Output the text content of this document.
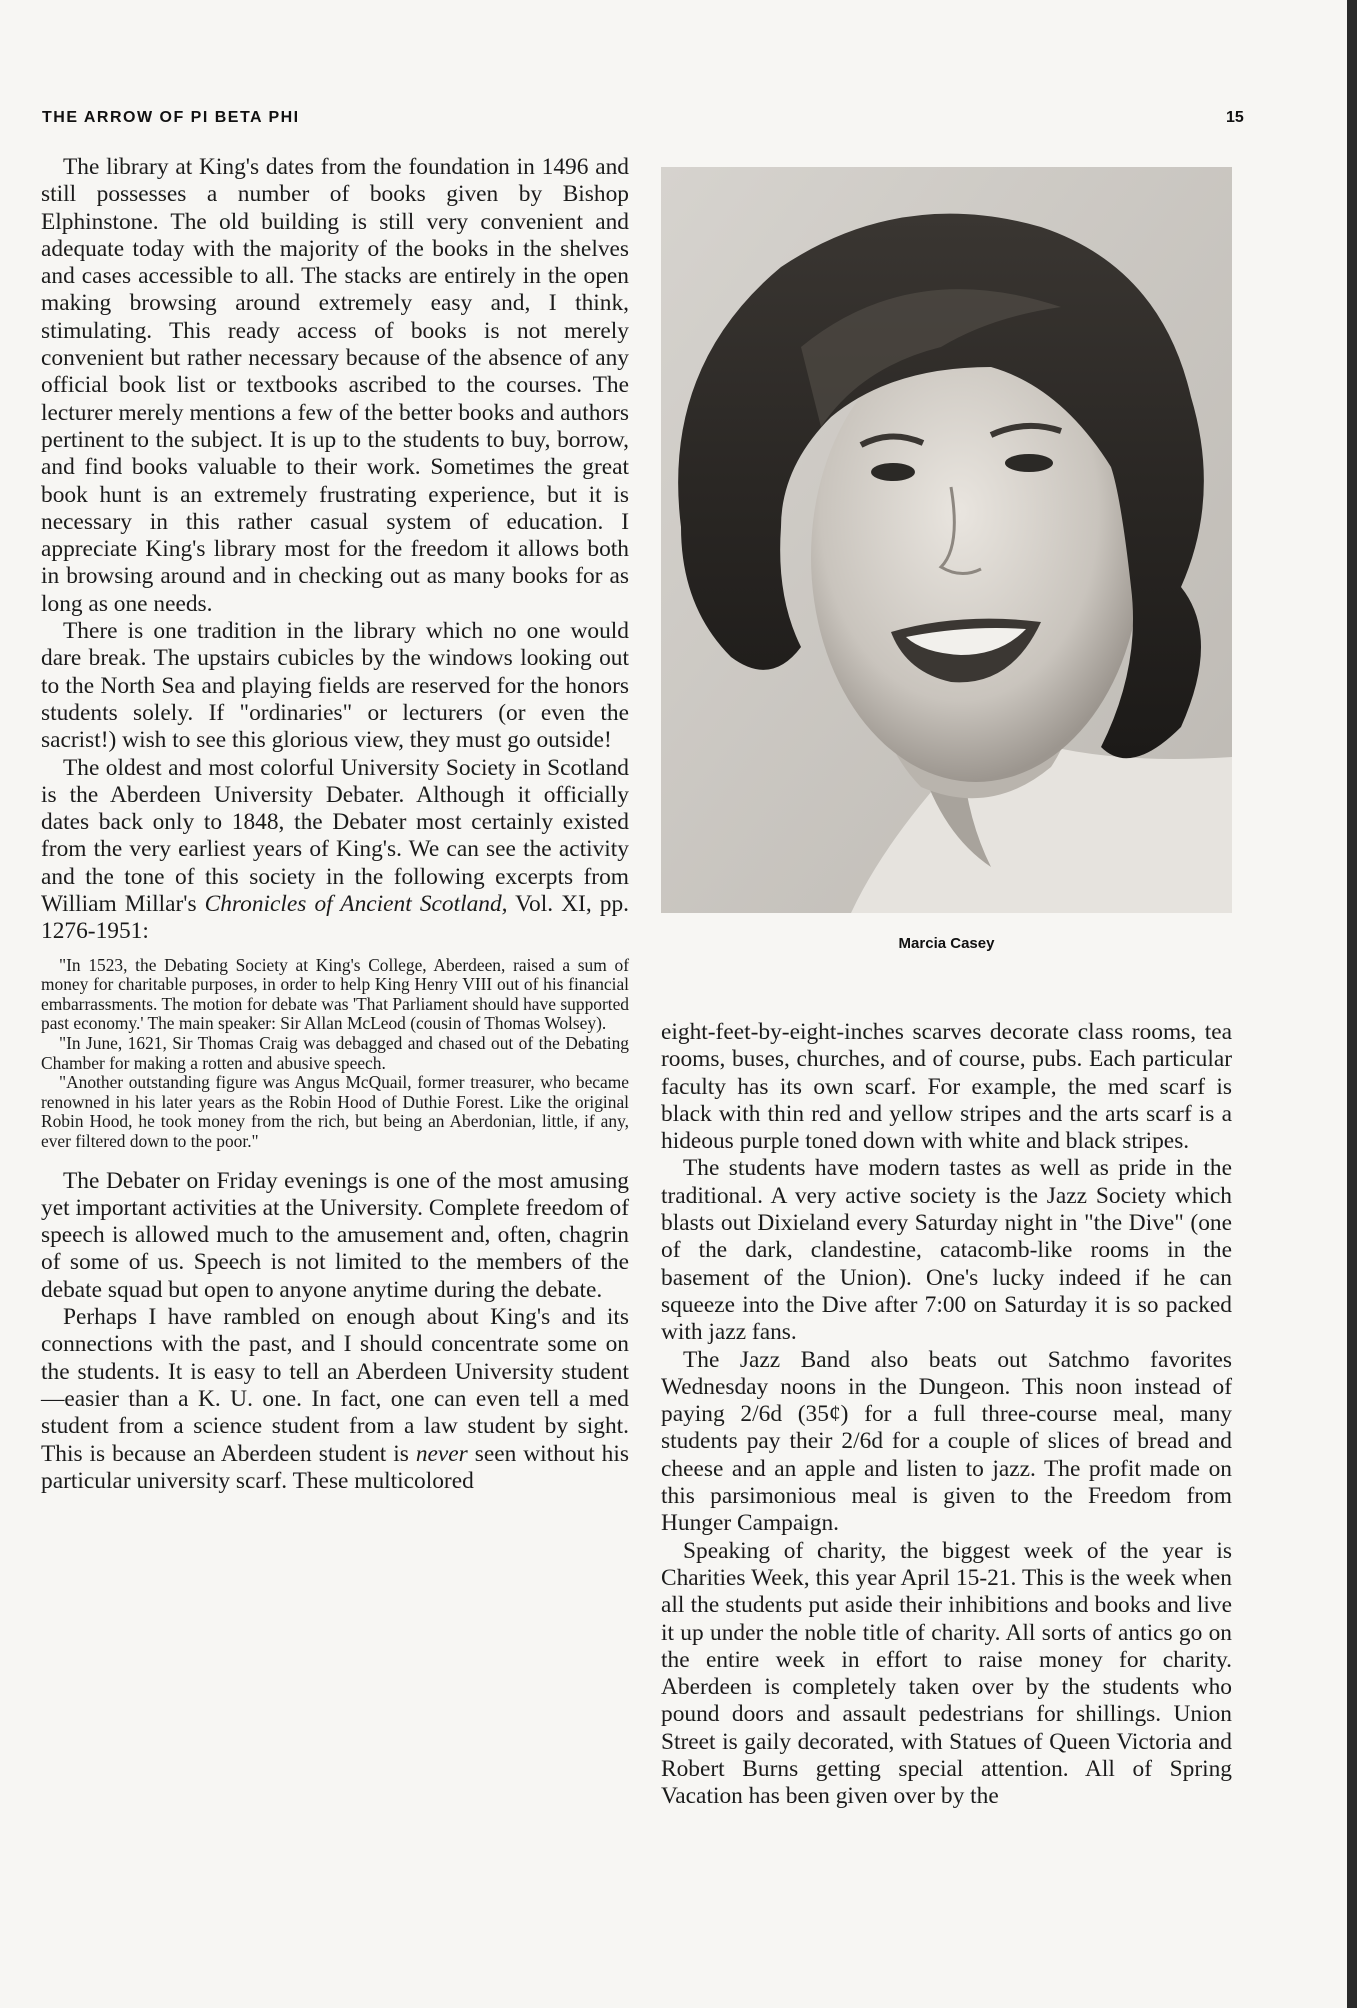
THE ARROW OF PI BETA PHI	15

The library at King's dates from the foundation in 1496 and still possesses a number of books given by Bishop Elphinstone. The old building is still very convenient and adequate today with the majority of the books in the shelves and cases accessible to all. The stacks are entirely in the open making browsing around extremely easy and, I think, stimulating. This ready access of books is not merely convenient but rather necessary because of the absence of any official book list or textbooks ascribed to the courses. The lecturer merely mentions a few of the better books and authors pertinent to the subject. It is up to the students to buy, borrow, and find books valuable to their work. Sometimes the great book hunt is an extremely frustrating experience, but it is necessary in this rather casual system of education. I appreciate King's library most for the freedom it allows both in browsing around and in checking out as many books for as long as one needs.

There is one tradition in the library which no one would dare break. The upstairs cubicles by the windows looking out to the North Sea and playing fields are reserved for the honors students solely. If "ordinaries" or lecturers (or even the sacrist!) wish to see this glorious view, they must go outside!

The oldest and most colorful University Society in Scotland is the Aberdeen University Debater. Although it officially dates back only to 1848, the Debater most certainly existed from the very earliest years of King's. We can see the activity and the tone of this society in the following excerpts from William Millar's Chronicles of Ancient Scotland, Vol. XI, pp. 1276-1951:

"In 1523, the Debating Society at King's College, Aberdeen, raised a sum of money for charitable purposes, in order to help King Henry VIII out of his financial embarrassments. The motion for debate was 'That Parliament should have supported past economy.' The main speaker: Sir Allan McLeod (cousin of Thomas Wolsey).

"In June, 1621, Sir Thomas Craig was debagged and chased out of the Debating Chamber for making a rotten and abusive speech.

"Another outstanding figure was Angus McQuail, former treasurer, who became renowned in his later years as the Robin Hood of Duthie Forest. Like the original Robin Hood, he took money from the rich, but being an Aberdonian, little, if any, ever filtered down to the poor."

The Debater on Friday evenings is one of the most amusing yet important activities at the University. Complete freedom of speech is allowed much to the amusement and, often, chagrin of some of us. Speech is not limited to the members of the debate squad but open to anyone anytime during the debate.

Perhaps I have rambled on enough about King's and its connections with the past, and I should concentrate some on the students. It is easy to tell an Aberdeen University student—easier than a K. U. one. In fact, one can even tell a med student from a science student from a law student by sight. This is because an Aberdeen student is never seen without his particular university scarf. These multicolored

Marcia Casey

eight-feet-by-eight-inches scarves decorate class rooms, tea rooms, buses, churches, and of course, pubs. Each particular faculty has its own scarf. For example, the med scarf is black with thin red and yellow stripes and the arts scarf is a hideous purple toned down with white and black stripes.

The students have modern tastes as well as pride in the traditional. A very active society is the Jazz Society which blasts out Dixieland every Saturday night in "the Dive" (one of the dark, clandestine, catacomb-like rooms in the basement of the Union). One's lucky indeed if he can squeeze into the Dive after 7:00 on Saturday it is so packed with jazz fans.

The Jazz Band also beats out Satchmo favorites Wednesday noons in the Dungeon. This noon instead of paying 2/6d (35¢) for a full three-course meal, many students pay their 2/6d for a couple of slices of bread and cheese and an apple and listen to jazz. The profit made on this parsimonious meal is given to the Freedom from Hunger Campaign.

Speaking of charity, the biggest week of the year is Charities Week, this year April 15-21. This is the week when all the students put aside their inhibitions and books and live it up under the noble title of charity. All sorts of antics go on the entire week in effort to raise money for charity. Aberdeen is completely taken over by the students who pound doors and assault pedestrians for shillings. Union Street is gaily decorated, with Statues of Queen Victoria and Robert Burns getting special attention. All of Spring Vacation has been given over by the
